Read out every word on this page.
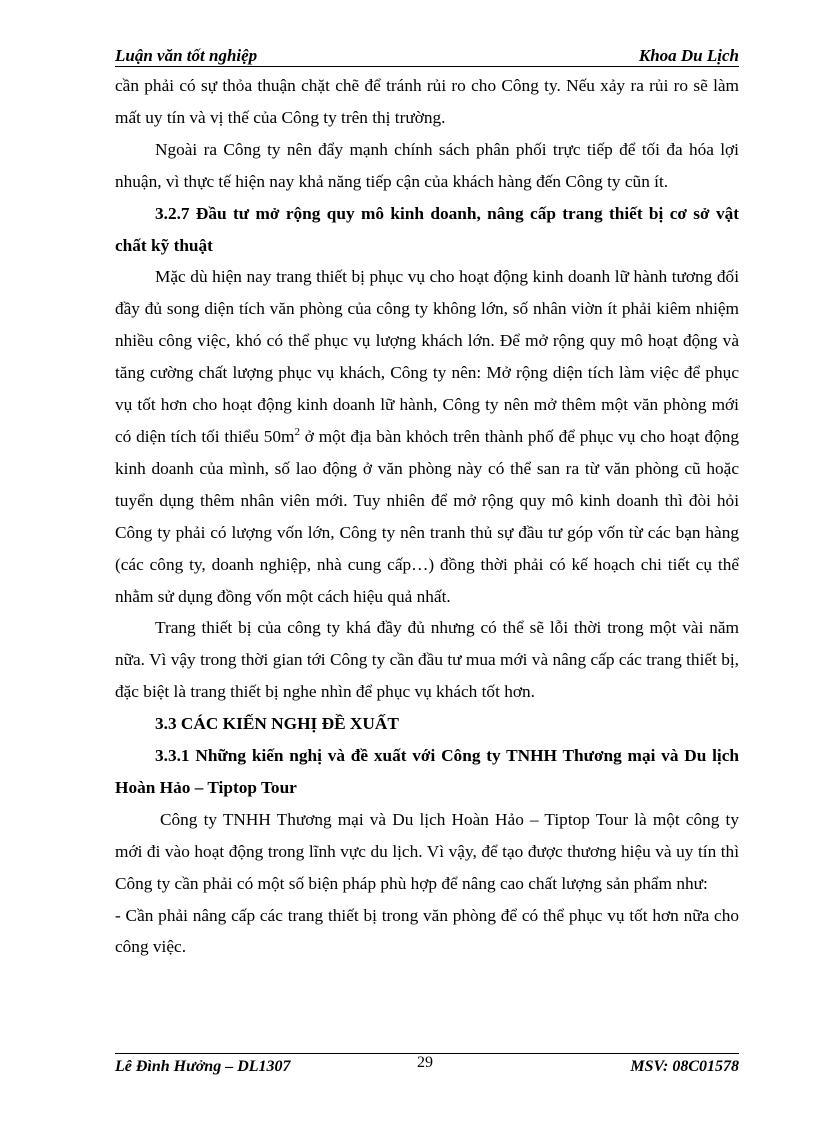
Luận văn tốt nghiệp	Khoa Du Lịch

cần phải có sự thỏa thuận chặt chẽ để tránh rủi ro cho Công ty. Nếu xảy ra rủi ro sẽ làm mất uy tín và vị thế của Công ty trên thị trường.

Ngoài ra Công ty nên đẩy mạnh chính sách phân phối trực tiếp để tối đa hóa lợi nhuận, vì thực tế hiện nay khả năng tiếp cận của khách hàng đến Công ty cũn ít.

3.2.7 Đầu tư mở rộng quy mô kinh doanh, nâng cấp trang thiết bị cơ sở vật chất kỹ thuật

Mặc dù hiện nay trang thiết bị phục vụ cho hoạt động kinh doanh lữ hành tương đối đầy đủ song diện tích văn phòng của công ty không lớn, số nhân viờn ít phải kiêm nhiệm nhiều công việc, khó có thể phục vụ lượng khách lớn. Để mở rộng quy mô hoạt động và tăng cường chất lượng phục vụ khách, Công ty nên: Mở rộng diện tích làm việc để phục vụ tốt hơn cho hoạt động kinh doanh lữ hành, Công ty nên mở thêm một văn phòng mới có diện tích tối thiểu $50m^2$ ở một địa bàn khỏch trên thành phố để phục vụ cho hoạt động kinh doanh của mình, số lao động ở văn phòng này có thể san ra từ văn phòng cũ hoặc tuyển dụng thêm nhân viên mới. Tuy nhiên để mở rộng quy mô kinh doanh thì đòi hỏi Công ty phải có lượng vốn lớn, Công ty nên tranh thủ sự đầu tư góp vốn từ các bạn hàng (các công ty, doanh nghiệp, nhà cung cấp…) đồng thời phải có kế hoạch chi tiết cụ thể nhằm sử dụng đồng vốn một cách hiệu quả nhất.

Trang thiết bị của công ty khá đầy đủ nhưng có thể sẽ lỗi thời trong một vài năm nữa. Vì vậy trong thời gian tới Công ty cần đầu tư mua mới và nâng cấp các trang thiết bị, đặc biệt là trang thiết bị nghe nhìn để phục vụ khách tốt hơn.

3.3 CÁC KIẾN NGHỊ ĐỀ XUẤT

3.3.1 Những kiến nghị và đề xuất với Công ty TNHH Thương mại và Du lịch Hoàn Hảo – Tiptop Tour

Công ty TNHH Thương mại và Du lịch Hoàn Hảo – Tiptop Tour là một công ty mới đi vào hoạt động trong lĩnh vực du lịch. Vì vậy, để tạo được thương hiệu và uy tín thì Công ty cần phải có một số biện pháp phù hợp để nâng cao chất lượng sản phẩm như:

- Cần phải nâng cấp các trang thiết bị trong văn phòng để có thể phục vụ tốt hơn nữa cho công việc.

Lê Đình Hưởng – DL1307	29	MSV: 08C01578
